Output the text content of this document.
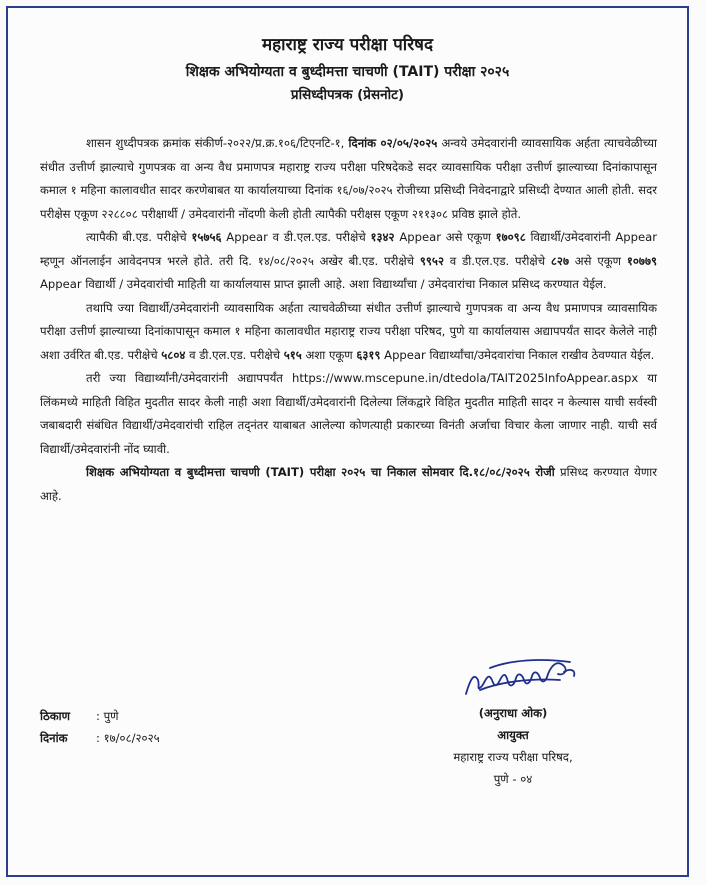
महाराष्ट्र राज्य परीक्षा परिषद
शिक्षक अभियोग्यता व बुध्दीमत्ता चाचणी (TAIT) परीक्षा २०२५
प्रसिध्दीपत्रक (प्रेसनोट)

शासन शुध्दीपत्रक क्रमांक संकीर्ण-२०२२/प्र.क्र.१०६/टिएनटि-१, दिनांक ०२/०५/२०२५ अन्वये उमेदवारांनी व्यावसायिक अर्हता त्याचवेळीच्या संधीत उत्तीर्ण झाल्याचे गुणपत्रक वा अन्य वैध प्रमाणपत्र महाराष्ट्र राज्य परीक्षा परिषदेकडे सदर व्यावसायिक परीक्षा उत्तीर्ण झाल्याच्या दिनांकापासून कमाल १ महिना कालावधीत सादर करणेबाबत या कार्यालयाच्या दिनांक १६/०७/२०२५ रोजीच्या प्रसिध्दी निवेदनाद्वारे प्रसिध्दी देण्यात आली होती. सदर परीक्षेस एकूण २२८८०८ परीक्षार्थी / उमेदवारांनी नोंदणी केली होती त्यापैकी परीक्षस एकूण २११३०८ प्रविष्ठ झाले होते.

त्यापैकी बी.एड. परीक्षेचे १५७५६ Appear व डी.एल.एड. परीक्षेचे १३४२ Appear असे एकूण १७०९८ विद्यार्थी/उमेदवारांनी Appear म्हणून ऑनलाईन आवेदनपत्र भरले होते. तरी दि. १४/०८/२०२५ अखेर बी.एड. परीक्षेचे ९९५२ व डी.एल.एड. परीक्षेचे ८२७ असे एकूण १०७७९ Appear विद्यार्थी / उमेदवारांची माहिती या कार्यालयास प्राप्त झाली आहे. अशा विद्यार्थ्यांचा / उमेदवारांचा निकाल प्रसिध्द करण्यात येईल.

तथापि ज्या विद्यार्थी/उमेदवारांनी व्यावसायिक अर्हता त्याचवेळीच्या संधीत उत्तीर्ण झाल्याचे गुणपत्रक वा अन्य वैध प्रमाणपत्र व्यावसायिक परीक्षा उत्तीर्ण झाल्याच्या दिनांकापासून कमाल १ महिना कालावधीत महाराष्ट्र राज्य परीक्षा परिषद, पुणे या कार्यालयास अद्यापपर्यंत सादर केलेले नाही अशा उर्वरित बी.एड. परीक्षेचे ५८०४ व डी.एल.एड. परीक्षेचे ५१५ अशा एकूण ६३१९ Appear विद्यार्थ्यांचा/उमेदवारांचा निकाल राखीव ठेवण्यात येईल.

तरी ज्या विद्यार्थ्यांनी/उमेदवारांनी अद्यापपर्यंत https://www.mscepune.in/dtedola/TAIT2025InfoAppear.aspx या लिंकमध्ये माहिती विहित मुदतीत सादर केली नाही अशा विद्यार्थी/उमेदवारांनी दिलेल्या लिंकद्वारे विहित मुदतीत माहिती सादर न केल्यास याची सर्वस्वी जबाबदारी संबंधित विद्यार्थी/उमेदवारांची राहिल तद्नंतर याबाबत आलेल्या कोणत्याही प्रकारच्या विनंती अर्जाचा विचार केला जाणार नाही. याची सर्व विद्यार्थी/उमेदवारांनी नोंद घ्यावी.

शिक्षक अभियोग्यता व बुध्दीमत्ता चाचणी (TAIT) परीक्षा २०२५ चा निकाल सोमवार दि.१८/०८/२०२५ रोजी प्रसिध्द करण्यात येणार आहे.

ठिकाण : पुणे
दिनांक : १७/०८/२०२५
(अनुराधा ओक)
आयुक्त
महाराष्ट्र राज्य परीक्षा परिषद,
पुणे - ०४
